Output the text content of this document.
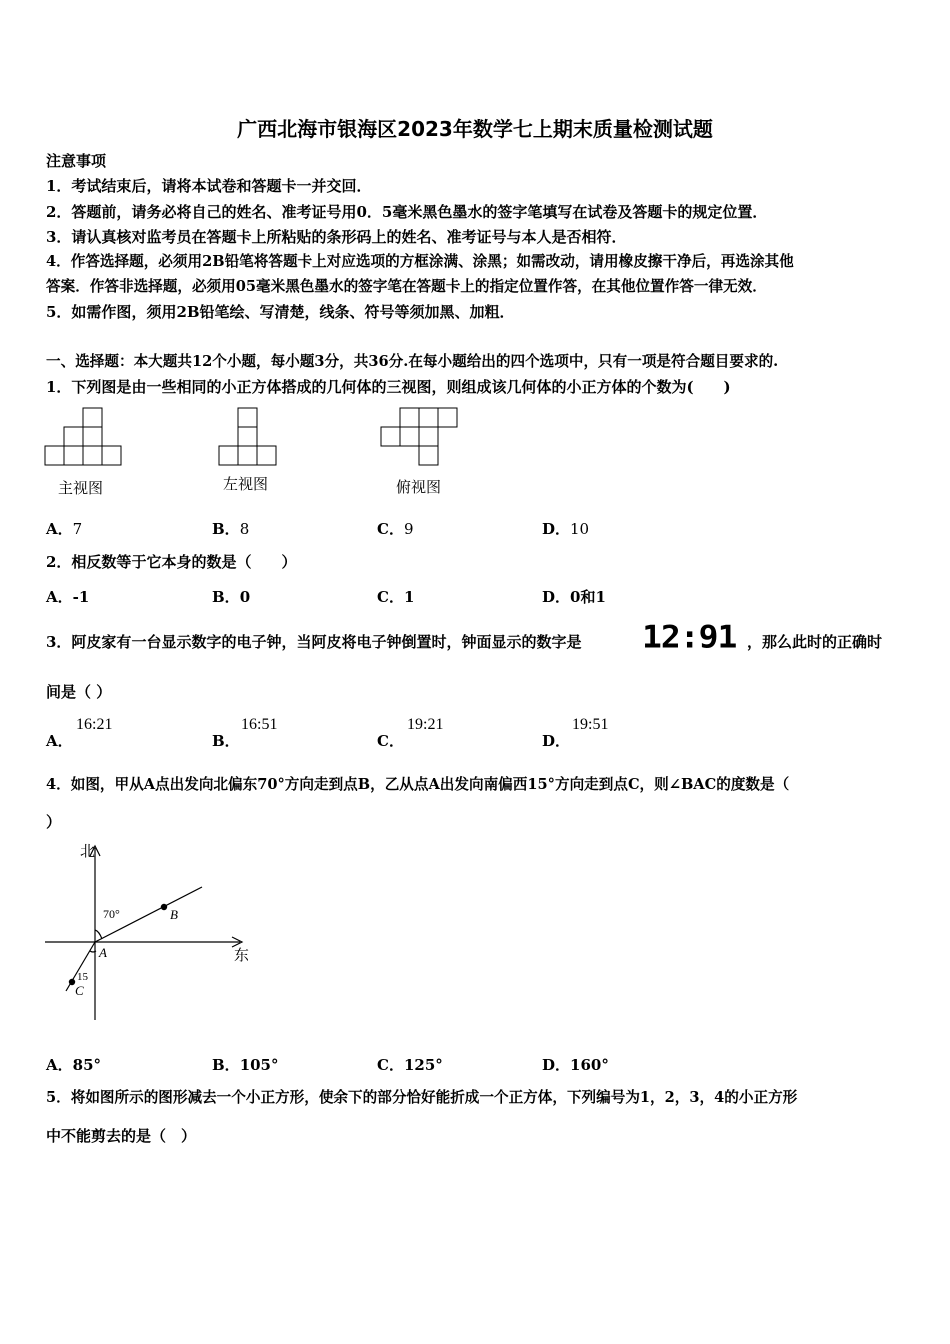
广西北海市银海区2023年数学七上期末质量检测试题
注意事项
1．考试结束后，请将本试卷和答题卡一并交回．
2．答题前，请务必将自己的姓名、准考证号用0．5毫米黑色墨水的签字笔填写在试卷及答题卡的规定位置．
3．请认真核对监考员在答题卡上所粘贴的条形码上的姓名、准考证号与本人是否相符．
4．作答选择题，必须用2B铅笔将答题卡上对应选项的方框涂满、涂黑；如需改动，请用橡皮擦干净后，再选涂其他
答案．作答非选择题，必须用05毫米黑色墨水的签字笔在答题卡上的指定位置作答，在其他位置作答一律无效．
5．如需作图，须用2B铅笔绘、写清楚，线条、符号等须加黑、加粗．
一、选择题：本大题共12个小题，每小题3分，共36分.在每小题给出的四个选项中，只有一项是符合题目要求的.
1．下列图是由一些相同的小正方体搭成的几何体的三视图，则组成该几何体的小正方体的个数为(　　)
主视图	左视图	俯视图
A．7	B．8	C．9	D．10
2．相反数等于它本身的数是（　　）
A．-1	B．0	C．1	D．0和1
3．阿皮家有一台显示数字的电子钟，当阿皮将电子钟倒置时，钟面显示的数字是 12:91 ，那么此时的正确时
间是（ ）
A．
16:21
B．
16:51
C．
19:21
D．
19:51
4．如图，甲从A点出发向北偏东70°方向走到点B，乙从点A出发向南偏西15°方向走到点C，则∠BAC的度数是（
）
北
东
70°
15
A
B
C
A．85°	B．105°	C．125°	D．160°
5．将如图所示的图形减去一个小正方形，使余下的部分恰好能折成一个正方体，下列编号为1，2，3，4的小正方形
中不能剪去的是（　）
